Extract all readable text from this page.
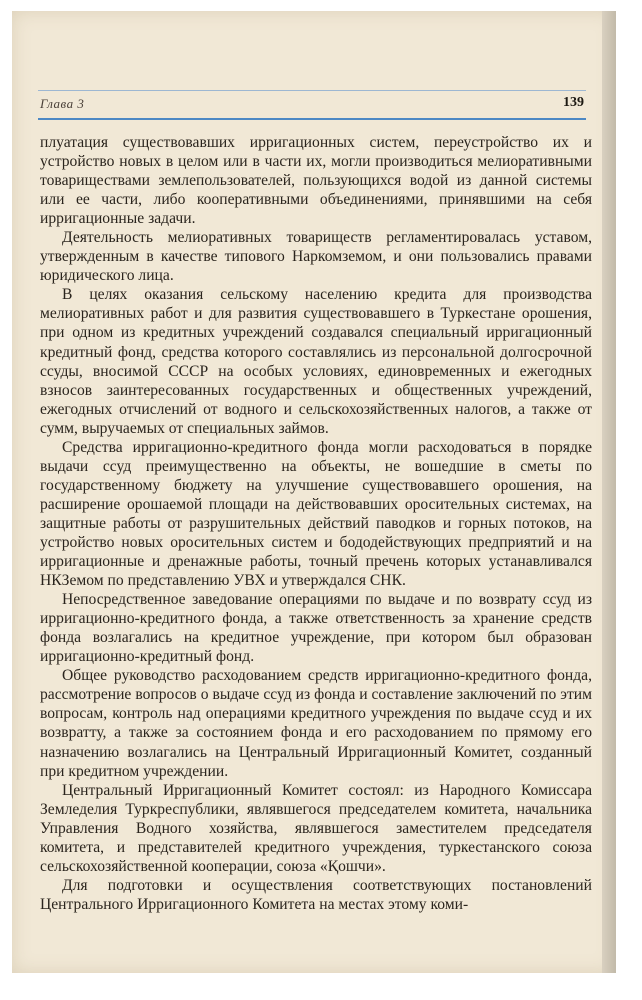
Глава 3	139

плуатация существовавших ирригационных систем, переустройство их и устройство новых в целом или в части их, могли производиться мелиоративными товариществами землепользователей, пользующихся водой из данной системы или ее части, либо кооперативными объединениями, принявшими на себя ирригационные задачи.

Деятельность мелиоративных товариществ регламентировалась уставом, утвержденным в качестве типового Наркомземом, и они пользовались правами юридического лица.

В целях оказания сельскому населению кредита для производства мелиоративных работ и для развития существовавшего в Туркестане орошения, при одном из кредитных учреждений создавался специальный ирригационный кредитный фонд, средства которого составлялись из персональной долгосрочной ссуды, вносимой СССР на особых условиях, единовременных и ежегодных взносов заинтересованных государственных и общественных учреждений, ежегодных отчислений от водного и сельскохозяйственных налогов, а также от сумм, выручаемых от специальных займов.

Средства ирригационно-кредитного фонда могли расходоваться в порядке выдачи ссуд преимущественно на объекты, не вошедшие в сметы по государственному бюджету на улучшение существовавшего орошения, на расширение орошаемой площади на действовавших оросительных системах, на защитные работы от разрушительных действий паводков и горных потоков, на устройство новых оросительных систем и бододействующих предприятий и на ирригационные и дренажные работы, точный пречень которых устанавливался НКЗемом по представлению УВХ и утверждался СНК.

Непосредственное заведование операциями по выдаче и по возврату ссуд из ирригационно-кредитного фонда, а также ответственность за хранение средств фонда возлагались на кредитное учреждение, при котором был образован ирригационно-кредитный фонд.

Общее руководство расходованием средств ирригационно-кредитного фонда, рассмотрение вопросов о выдаче ссуд из фонда и составление заключений по этим вопросам, контроль над операциями кредитного учреждения по выдаче ссуд и их возвратту, а также за состоянием фонда и его расходованием по прямому его назначению возлагались на Центральный Ирригационный Комитет, созданный при кредитном учреждении.

Центральный Ирригационный Комитет состоял: из Народного Комиссара Земледелия Туркреспублики, являвшегося председателем комитета, начальника Управления Водного хозяйства, являвшегося заместителем председателя комитета, и представителей кредитного учреждения, туркестанского союза сельскохозяйственной кооперации, союза «Қошчи».

Для подготовки и осуществления соответствующих постановлений Центрального Ирригационного Комитета на местах этому коми-
